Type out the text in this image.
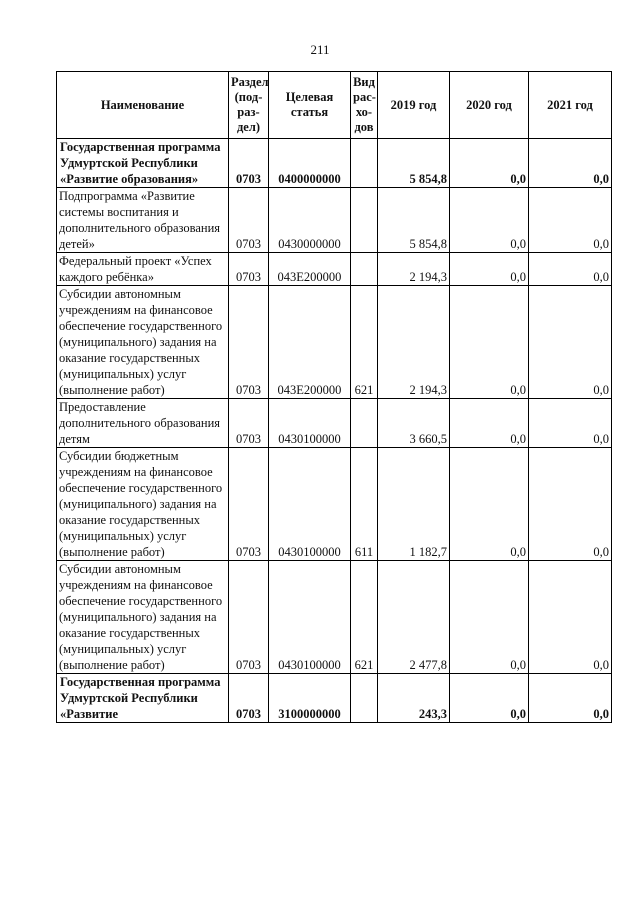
211
Наименование	Раздел (под-раз-дел)	Целевая статья	Вид рас-хо-дов	2019 год	2020 год	2021 год
Государственная программа Удмуртской Республики «Развитие образования»	0703	0400000000		5 854,8	0,0	0,0
Подпрограмма «Развитие системы воспитания и дополнительного образования детей»	0703	0430000000		5 854,8	0,0	0,0
Федеральный проект «Успех каждого ребёнка»	0703	043E200000		2 194,3	0,0	0,0
Субсидии автономным учреждениям на финансовое обеспечение государственного (муниципального) задания на оказание государственных (муниципальных) услуг (выполнение работ)	0703	043E200000	621	2 194,3	0,0	0,0
Предоставление дополнительного образования детям	0703	0430100000		3 660,5	0,0	0,0
Субсидии бюджетным учреждениям на финансовое обеспечение государственного (муниципального) задания на оказание государственных (муниципальных) услуг (выполнение работ)	0703	0430100000	611	1 182,7	0,0	0,0
Субсидии автономным учреждениям на финансовое обеспечение государственного (муниципального) задания на оказание государственных (муниципальных) услуг (выполнение работ)	0703	0430100000	621	2 477,8	0,0	0,0
Государственная программа Удмуртской Республики «Развитие	0703	3100000000		243,3	0,0	0,0
